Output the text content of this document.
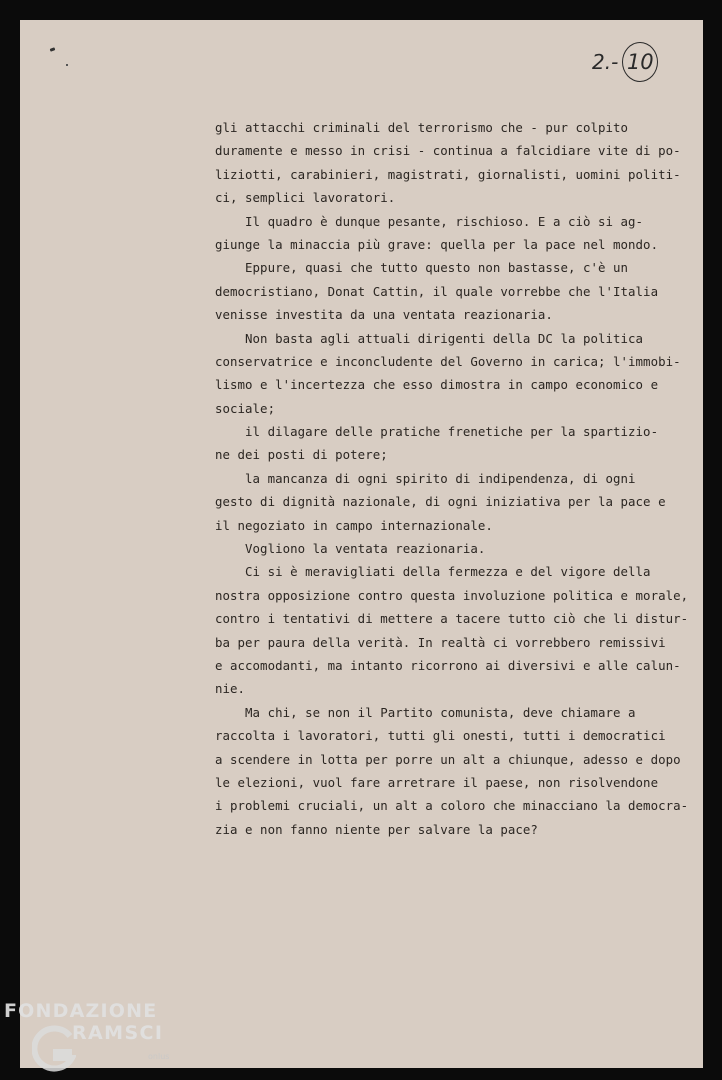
2.- 10
gli attacchi criminali del terrorismo che - pur colpito
duramente e messo in crisi - continua a falcidiare vite di po-
liziotti, carabinieri, magistrati, giornalisti, uomini politi-
ci, semplici lavoratori.
Il quadro è dunque pesante, rischioso. E a ciò si ag-
giunge la minaccia più grave: quella per la pace nel mondo.
Eppure, quasi che tutto questo non bastasse, c'è un
democristiano, Donat Cattin, il quale vorrebbe che l'Italia
venisse investita da una ventata reazionaria.
Non basta agli attuali dirigenti della DC la politica
conservatrice e inconcludente del Governo in carica; l'immobi-
lismo e l'incertezza che esso dimostra in campo economico e
sociale;
il dilagare delle pratiche frenetiche per la spartizio-
ne dei posti di potere;
la mancanza di ogni spirito di indipendenza, di ogni
gesto di dignità nazionale, di ogni iniziativa per la pace e
il negoziato in campo internazionale.
Vogliono la ventata reazionaria.
Ci si è meravigliati della fermezza e del vigore della
nostra opposizione contro questa involuzione politica e morale,
contro i tentativi di mettere a tacere tutto ciò che li distur-
ba per paura della verità. In realtà ci vorrebbero remissivi
e accomodanti, ma intanto ricorrono ai diversivi e alle calun-
nie.
Ma chi, se non il Partito comunista, deve chiamare a
raccolta i lavoratori, tutti gli onesti, tutti i democratici
a scendere in lotta per porre un alt a chiunque, adesso e dopo
le elezioni, vuol fare arretrare il paese, non risolvendone
i problemi cruciali, un alt a coloro che minacciano la democra-
zia e non fanno niente per salvare la pace?
FONDAZIONE
RAMSCI
onlus
